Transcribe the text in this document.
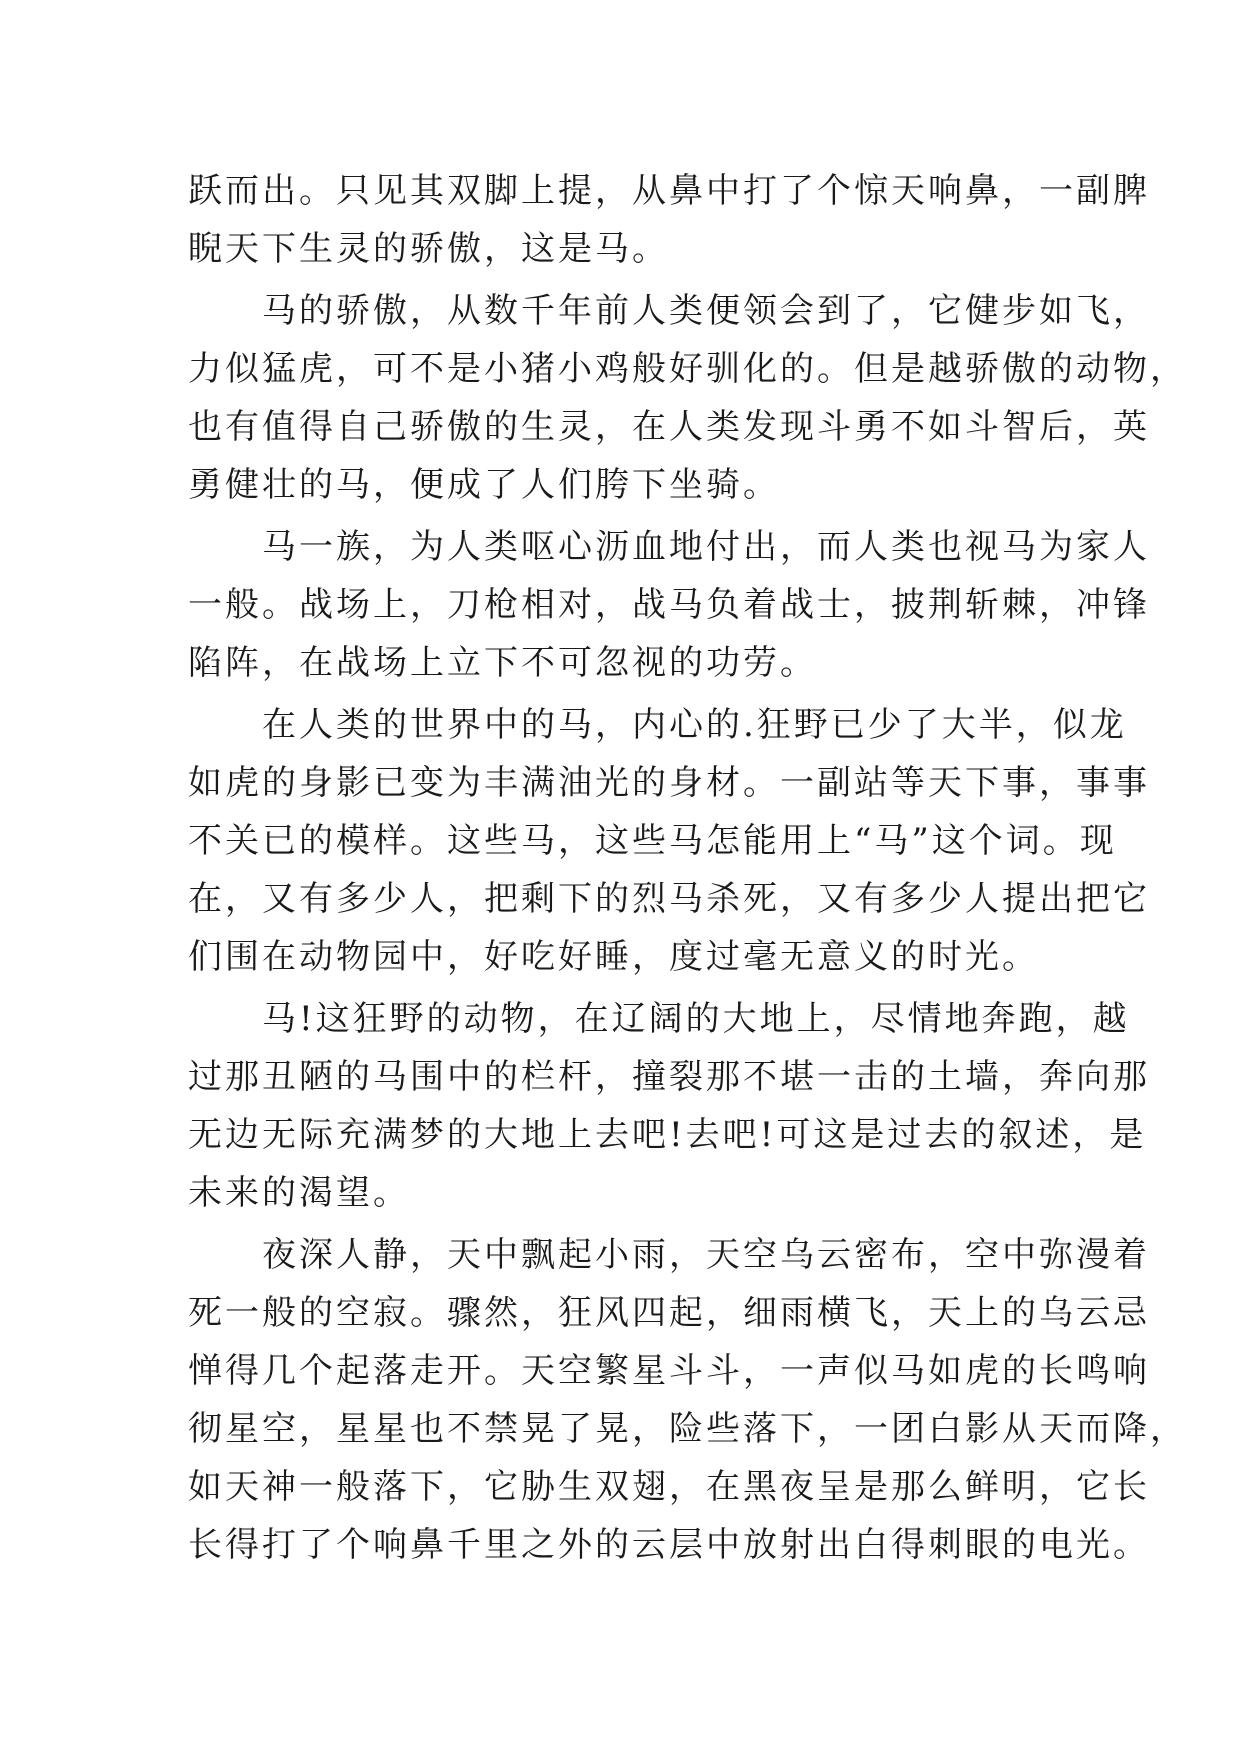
跃而出。只见其双脚上提，从鼻中打了个惊天响鼻，一副脾
睨天下生灵的骄傲，这是马。
　　马的骄傲，从数千年前人类便领会到了，它健步如飞，
力似猛虎，可不是小猪小鸡般好驯化的。但是越骄傲的动物，
也有值得自己骄傲的生灵，在人类发现斗勇不如斗智后，英
勇健壮的马，便成了人们胯下坐骑。
　　马一族，为人类呕心沥血地付出，而人类也视马为家人
一般。战场上，刀枪相对，战马负着战士，披荆斩棘，冲锋
陷阵，在战场上立下不可忽视的功劳。
　　在人类的世界中的马，内心的.狂野已少了大半，似龙
如虎的身影已变为丰满油光的身材。一副站等天下事，事事
不关已的模样。这些马，这些马怎能用上“马”这个词。现
在，又有多少人，把剩下的烈马杀死，又有多少人提出把它
们围在动物园中，好吃好睡，度过毫无意义的时光。
　　马!这狂野的动物，在辽阔的大地上，尽情地奔跑，越
过那丑陋的马围中的栏杆，撞裂那不堪一击的土墙，奔向那
无边无际充满梦的大地上去吧!去吧!可这是过去的叙述，是
未来的渴望。
　　夜深人静，天中飘起小雨，天空乌云密布，空中弥漫着
死一般的空寂。骤然，狂风四起，细雨横飞，天上的乌云忌
惮得几个起落走开。天空繁星斗斗，一声似马如虎的长鸣响
彻星空，星星也不禁晃了晃，险些落下，一团白影从天而降，
如天神一般落下，它胁生双翅，在黑夜呈是那么鲜明，它长
长得打了个响鼻千里之外的云层中放射出白得刺眼的电光。
